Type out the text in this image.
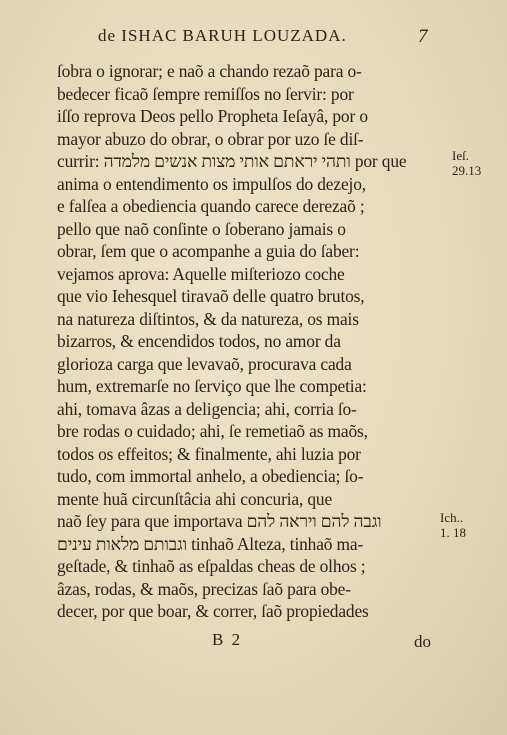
de ISHAC BARUH LOUZADA.	7
ſobra o ignorar; e naõ a chando rezaõ para o-
bedecer ficaõ ſempre remiſſos no ſervir: por
iſſo reprova Deos pello Propheta Ieſayâ, por o
mayor abuzo do obrar, o obrar por uzo ſe diſ-
currir: ותהי יראתם אותי מצות אנשים מלמדה por que
anima o entendimento os impulſos do dezejo,
e falſea a obediencia quando carece derezaõ ;
pello que naõ conſinte o ſoberano jamais o
obrar, ſem que o acompanhe a guia do ſaber:
vejamos aprova: Aquelle miſteriozo coche
que vio Iehesquel tiravaõ delle quatro brutos,
na natureza diſtintos, & da natureza, os mais
bizarros, & encendidos todos, no amor da
glorioza carga que levavaõ, procurava cada
hum, extremarſe no ſerviço que lhe competia:
ahi, tomava âzas a deligencia; ahi, corria ſo-
bre rodas o cuidado; ahi, ſe remetiaõ as maõs,
todos os effeitos; & finalmente, ahi luzia por
tudo, com immortal anhelo, a obediencia; ſo-
mente huã circunſtâcia ahi concuria, que
naõ ſey para que importava וגבה להם ויראה להם
וגבותם מלאות עינים tinhaõ Alteza, tinhaõ ma-
geſtade, & tinhaõ as eſpaldas cheas de olhos ;
âzas, rodas, & maõs, precizas ſaõ para obe-
decer, por que boar, & correr, ſaõ propiedades
Ieſ.
29.13
Ich..
1. 18
B 2	do
